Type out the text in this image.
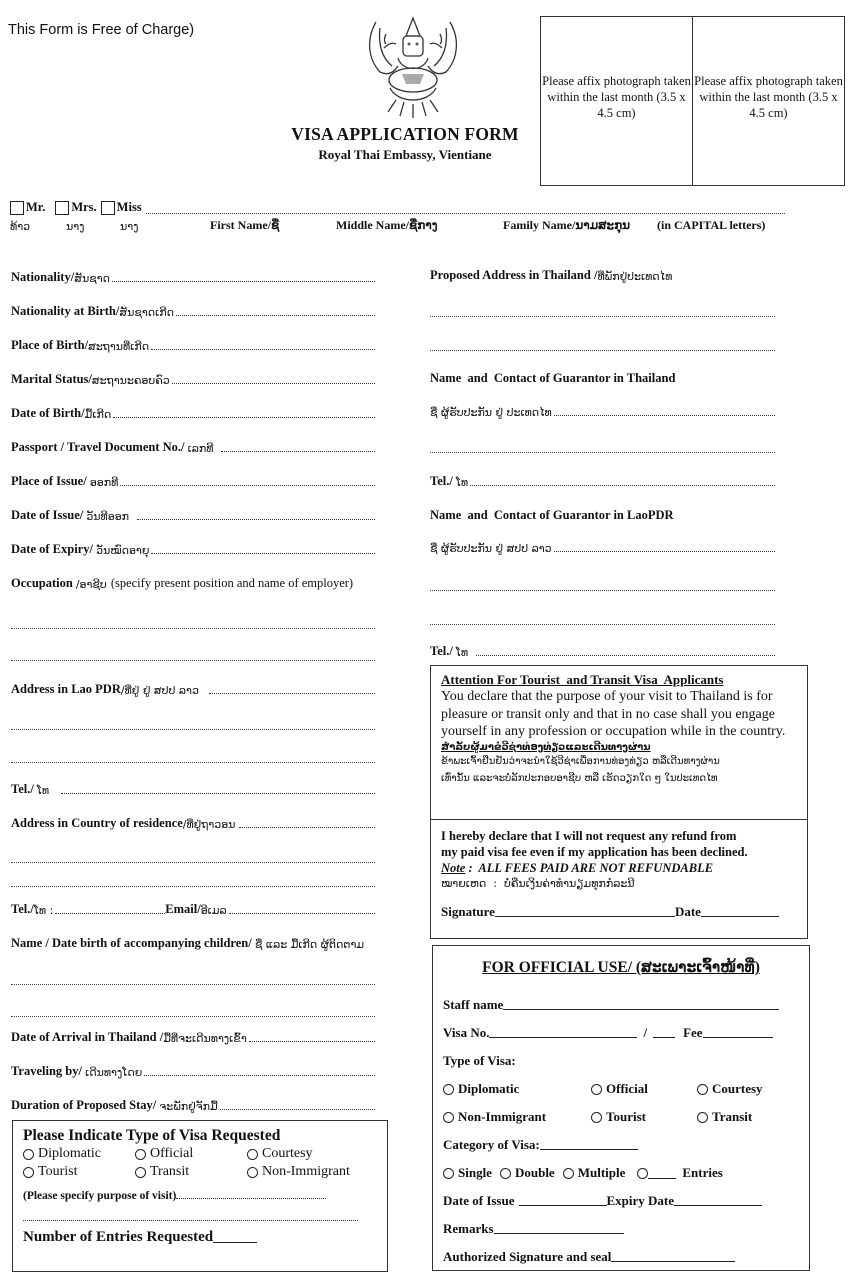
This Form is Free of Charge)
VISA APPLICATION FORM
Royal Thai Embassy, Vientiane
Please affix photograph taken within the last month (3.5 x 4.5 cm)
Please affix photograph taken within the last month (3.5 x 4.5 cm)
Mr. Mrs. Miss
ທ້າວ	ນາງ	ນາງ	First Name/ຊື່	Middle Name/ຊື່ກາງ	Family Name/ນາມສະກຸນ (in CAPITAL letters)
Nationality/ ສັນຊາດ
Nationality at Birth/ ສັນຊາດເກີດ
Place of Birth/ ສະຖານທີ່ເກີດ
Marital Status/ ສະຖານະຄອບຄົວ
Date of Birth/ ມື້ເກີດ
Passport / Travel Document No./ ເລກທີ
Place of Issue/ ອອກທີ
Date of Issue/ ວັນທີອອກ
Date of Expiry/ ວັນໝົດອາຍຸ
Occupation /ອາຊີບ (specify present position and name of employer)
Address in Lao PDR /ທີ່ຢູ່ ຢູ່ ສປປ ລາວ
Tel./ ໂທ
Address in Country of residence /ທີ່ຢູ່ຖາວອນ
Tel./ ໂທ :	Email/ ອີເມລ
Name / Date birth of accompanying children/ ຊື່ ແລະ ມື້ເກີດ ຜູ້ຕິດຕາມ
Date of Arrival in Thailand / ມື້ທີ່ຈະເດີນທາງເຂົ້າ
Traveling by/ ເດີນທາງໂດຍ
Duration of Proposed Stay/ ຈະພັກຢູ່ຈັກມື້
Please Indicate Type of Visa Requested
Diplomatic	Official	Courtesy
Tourist	Transit	Non-Immigrant
(Please specify purpose of visit)
Number of Entries Requested
Proposed Address in Thailand / ທີ່ພັກຢູ່ປະເທດໄທ
Name  and  Contact of Guarantor in Thailand
ຊື່ ຜູ້ຮັບປະກັນ ຢູ່ ປະເທດໄທ
Tel./ ໂທ
Name  and  Contact of Guarantor in LaoPDR
ຊື່ ຜູ້ຮັບປະກັນ ຢູ່ ສປປ ລາວ
Tel./ ໂທ
Attention For Tourist  and Transit Visa  Applicants
You declare that the purpose of your visit to Thailand is for pleasure or transit only and that in no case shall you engage yourself in any profession or occupation while in the country.
ສຳລັບຜູ້ມາຂໍວີຊ່າທ່ອງທ່ຽວແລະເດີນທາງຜ່ານ
ຂ້າພະເຈົ້າຢືນຢັນວ່າຈະນຳໃຊ້ວີຊ່າເພື່ອການທ່ອງທ່ຽວ ຫລືເດີນທາງຜ່ານ
ເທົ່ານັ້ນ ແລະຈະບໍ່ລັກປະກອບອາຊີບ ຫລື ເຮັດວຽກໃດ ໆ ໃນປະເທດໄທ
I hereby declare that I will not request any refund from
my paid visa fee even if my application has been declined.
Note :  ALL FEES PAID ARE NOT REFUNDABLE
ໝາຍເຫດ  :  ບໍ່ຄືນເງິນຄ່າທຳນຽມທຸກກໍລະນີ
Signature	Date
FOR OFFICIAL USE/ (ສະເພາະເຈົ້າໜ້າທີ່)
Staff name
Visa No.	/	Fee
Type of Visa:
Diplomatic	Official	Courtesy
Non-Immigrant	Tourist	Transit
Category of Visa:
Single Double Multiple	Entries
Date of Issue	Expiry Date
Remarks
Authorized Signature and seal
